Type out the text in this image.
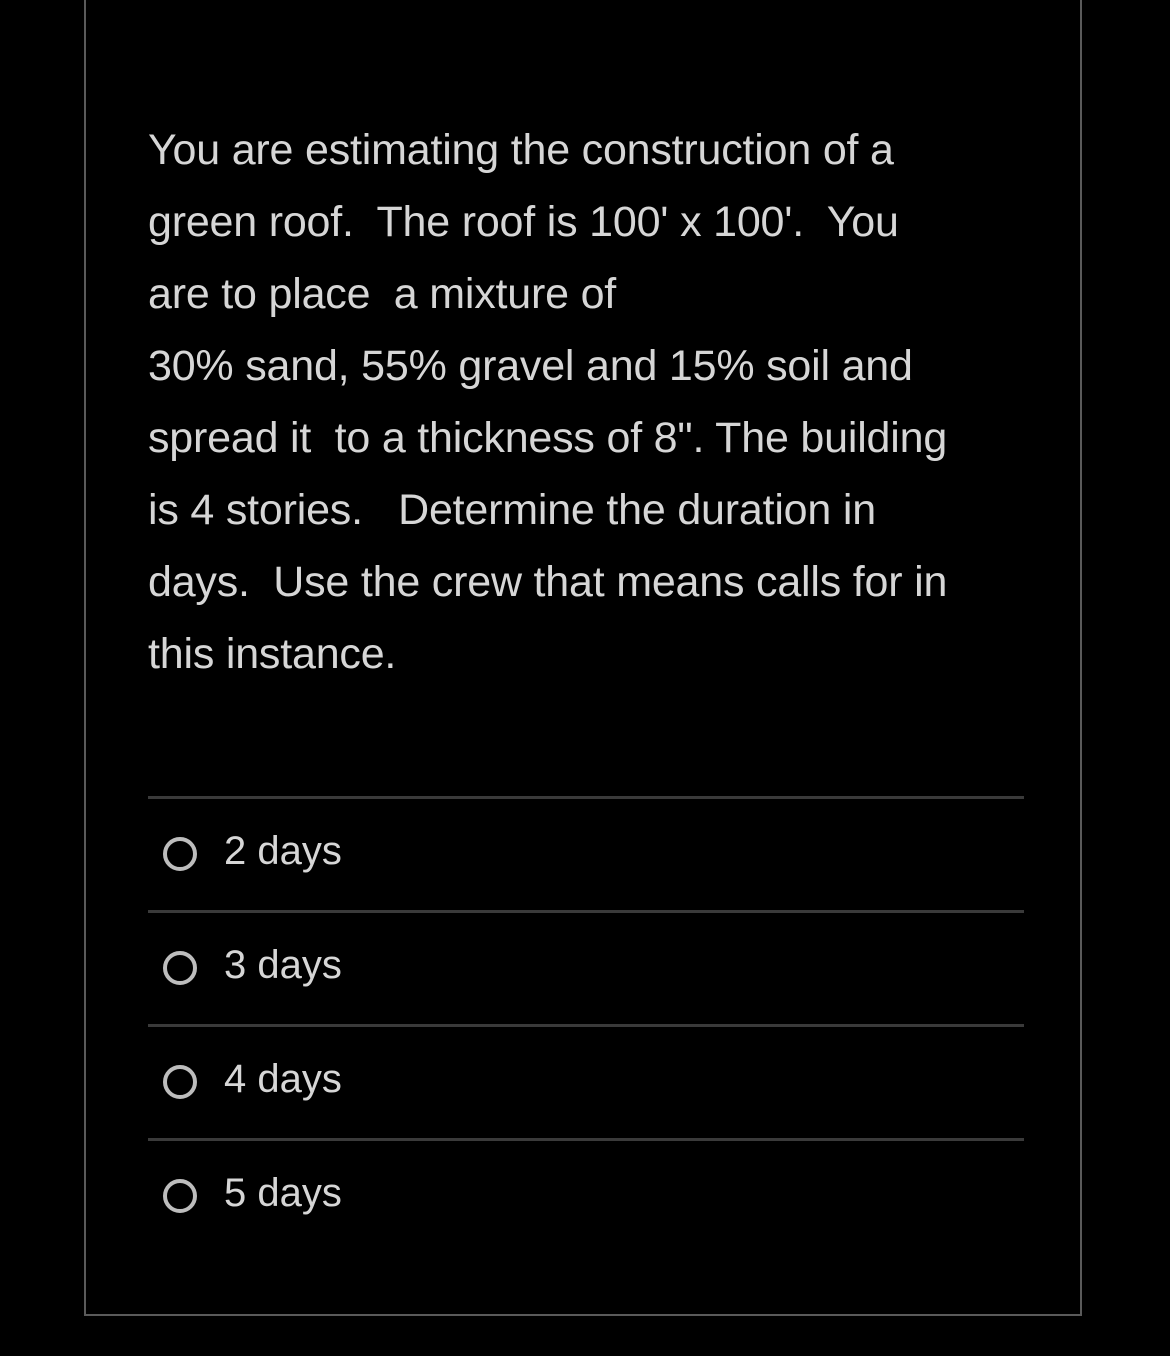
You are estimating the construction of a
green roof.  The roof is 100' x 100'.  You
are to place  a mixture of
30% sand, 55% gravel and 15% soil and
spread it  to a thickness of 8". The building
is 4 stories.   Determine the duration in
days.  Use the crew that means calls for in
this instance.
2 days
3 days
4 days
5 days
